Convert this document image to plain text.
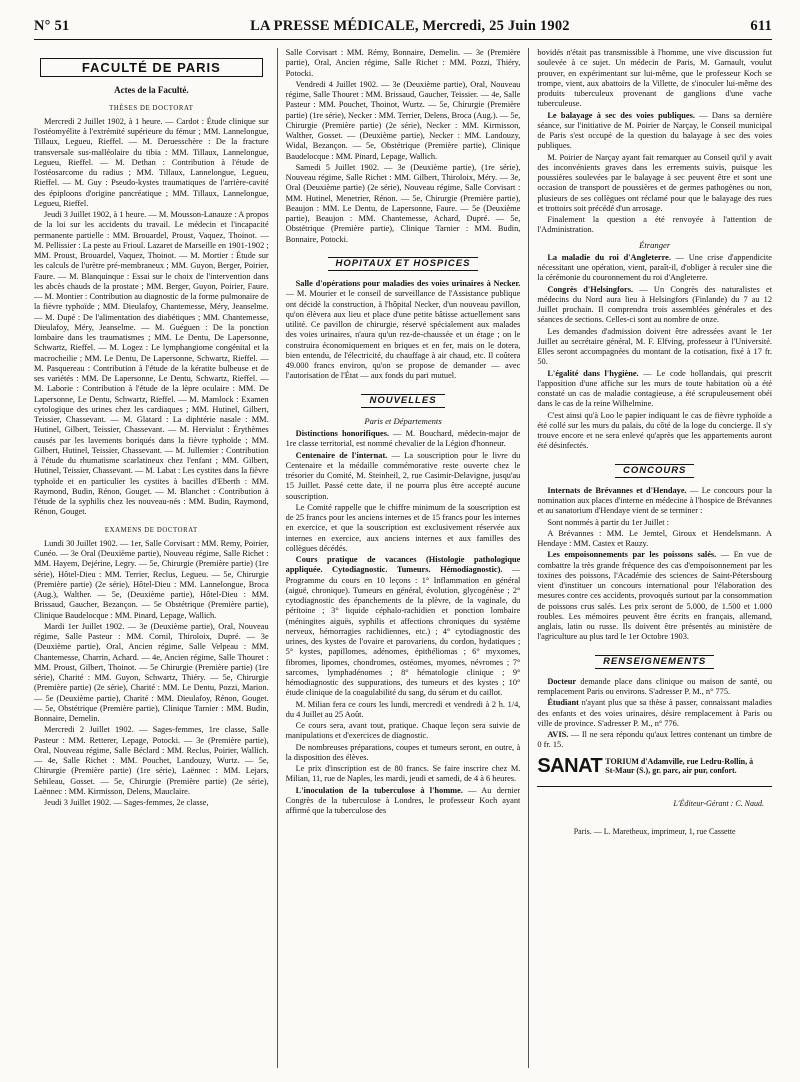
N° 51	LA PRESSE MÉDICALE, Mercredi, 25 Juin 1902	611
FACULTÉ DE PARIS
Actes de la Faculté.
THÈSES DE DOCTORAT

Mercredi 2 Juillet 1902, à 1 heure. — Cardot : Étude clinique sur l'ostéomyélite à l'extrémité supérieure du fémur ; MM. Lannelongue, Tillaux, Legueu, Rieffel. — M. Deruesschère : De la fracture transversale sus-malléolaire du tibia : MM. Tillaux, Lannelongue, Legueu, Rieffel. — M. Dethan : Contribution à l'étude de l'ostéosarcome du radius ; MM. Tillaux, Lannelongue, Legueu, Rieffel. — M. Guy : Pseudo-kystes traumatiques de l'arrière-cavité des épiploons d'origine pancréatique ; MM. Tillaux, Lannelongue, Legueu, Rieffel.

Jeudi 3 Juillet 1902, à 1 heure. — M. Mousson-Lanauze : A propos de la loi sur les accidents du travail. Le médecin et l'incapacité permanente partielle : MM. Brouardel, Proust, Vaquez, Thoinot. — M. Pellissier : La peste au Frioul. Lazaret de Marseille en 1901-1902 ; MM. Proust, Brouardel, Vaquez, Thoinot. — M. Mortier : Étude sur les calculs de l'urètre pré-membraneux ; MM. Guyon, Berger, Poirier, Faure. — M. Blanquinque : Essai sur le choix de l'intervention dans les abcès chauds de la prostate ; MM. Berger, Guyon, Poirier, Faure. — M. Montier : Contribution au diagnostic de la forme pulmonaire de la fièvre typhoïde ; MM. Dieulafoy, Chantemesse, Méry, Jeanselme. — M. Dupé : De l'alimentation des diabétiques ; MM. Chantemesse, Dieulafoy, Méry, Jeanselme. — M. Guéguen : De la ponction lombaire dans les traumatismes ; MM. Le Dentu, De Lapersonne, Schwartz, Rieffel. — M. Logez : Le lymphangiome congénital et la macrocheilie ; MM. Le Dentu, De Lapersonne, Schwartz, Rieffel. — M. Pasquereau : Contribution à l'étude de la kératite bulbeuse et de ses variétés : MM. De Lapersonne, Le Dentu, Schwartz, Rieffel. — M. Laborie : Contribution à l'étude de la lèpre oculaire : MM. De Lapersonne, Le Dentu, Schwartz, Rieffel. — M. Mamlock : Examen cytologique des urines chez les cardiaques ; MM. Hutinel, Gilbert, Teissier, Chassevant. — M. Glatard : La diphtérie nasale : MM. Hutinel, Gilbert, Teissier, Chassevant. — M. Hervialut : Érythèmes causés par les lavements boriqués dans la fièvre typhoïde ; MM. Gilbert, Hutinel, Teissier, Chassevant. — M. Jullemier : Contribution à l'étude du rhumatisme scarlatineux chez l'enfant ; MM. Gilbert, Hutinel, Teissier, Chassevant. — M. Labat : Les cystites dans la fièvre typhoïde et en particulier les cystites à bacilles d'Eberth : MM. Raymond, Budin, Rénon, Gouget. — M. Blanchet : Contribution à l'étude de la syphilis chez les nouveau-nés : MM. Budin, Raymond, Rénon, Gouget.

EXAMENS DE DOCTORAT

Lundi 30 Juillet 1902. — 1er, Salle Corvisart : MM. Remy, Poirier, Cunéo. — 3e Oral (Deuxième partie), Nouveau régime, Salle Richet : MM. Hayem, Dejérine, Legry. — 5e, Chirurgie (Première partie) (1re série), Hôtel-Dieu : MM. Terrier, Reclus, Legueu. — 5e, Chirurgie (Première partie) (2e série), Hôtel-Dieu : MM. Lannelongue, Broca (Aug.), Walther. — 5e, (Deuxième partie), Hôtel-Dieu : MM. Brissaud, Gaucher, Bezançon. — 5e Obstétrique (Première partie), Clinique Baudelocque : MM. Pinard, Lepage, Wallich.

Mardi 1er Juillet 1902. — 3e (Deuxième partie), Oral, Nouveau régime, Salle Pasteur : MM. Cornil, Thiroloix, Dupré. — 3e (Deuxième partie), Oral, Ancien régime, Salle Velpeau : MM. Chantemesse, Charrin, Achard. — 4e, Ancien régime, Salle Thouret : MM. Proust, Gilbert, Thoinot. — 5e Chirurgie (Première partie) (1re série), Charité : MM. Guyon, Schwartz, Thiéry. — 5e, Chirurgie (Première partie) (2e série), Charité : MM. Le Dentu, Pozzi, Marion. — 5e (Deuxième partie), Charité : MM. Dieulafoy, Rénon, Gouget. — 5e, Obstétrique (Première partie), Clinique Tarnier : MM. Budin, Bonnaire, Demelin.

Mercredi 2 Juillet 1902. — Sages-femmes, 1re classe, Salle Pasteur : MM. Retterer, Lepage, Potocki. — 3e (Première partie), Oral, Nouveau régime, Salle Béclard : MM. Reclus, Poirier, Wallich. — 4e, Salle Richet : MM. Pouchet, Landouzy, Wurtz. — 5e, Chirurgie (Première partie) (1re série), Laënnec : MM. Lejars, Sebileau, Gosset. — 5e, Chirurgie (Première partie) (2e série), Laënnec : MM. Kirmisson, Delens, Mauclaire.

Jeudi 3 Juillet 1902. — Sages-femmes, 2e classe,

Salle Corvisart : MM. Rémy, Bonnaire, Demelin. — 3e (Première partie), Oral, Ancien régime, Salle Richet : MM. Pozzi, Thiéry, Potocki.

Vendredi 4 Juillet 1902. — 3e (Deuxième partie), Oral, Nouveau régime, Salle Thouret : MM. Brissaud, Gaucher, Teissier. — 4e, Salle Pasteur : MM. Pouchet, Thoinot, Wurtz. — 5e, Chirurgie (Première partie) (1re série), Necker : MM. Terrier, Delens, Broca (Aug.). — 5e, Chirurgie (Première partie) (2e série), Necker : MM. Kirmisson, Walther, Gosset. — (Deuxième partie), Necker : MM. Landouzy, Widal, Bezançon. — 5e, Obstétrique (Première partie), Clinique Baudelocque : MM. Pinard, Lepage, Wallich.

Samedi 5 Juillet 1902. — 3e (Deuxième partie), (1re série), Nouveau régime, Salle Richet : MM. Gilbert, Thiroloix, Méry. — 3e, Oral (Deuxième partie) (2e série), Nouveau régime, Salle Corvisart : MM. Hutinel, Menetrier, Rénon. — 5e, Chirurgie (Première partie), Beaujon : MM. Le Dentu, de Lapersonne, Faure. — 5e (Deuxième partie), Beaujon : MM. Chantemesse, Achard, Dupré. — 5e, Obstétrique (Première partie), Clinique Tarnier : MM. Budin, Bonnaire, Potocki.

HOPITAUX ET HOSPICES

Salle d'opérations pour maladies des voies urinaires à Necker. — M. Mourier et le conseil de surveillance de l'Assistance publique ont décidé la construction, à l'hôpital Necker, d'un nouveau pavillon, qu'on élèvera aux lieu et place d'une petite bâtisse actuellement sans utilité. Ce pavillon de chirurgie, réservé spécialement aux malades des voies urinaires, n'aura qu'un rez-de-chaussée et un étage ; on le construira économiquement en briques et en fer, mais on le dotera, bien entendu, de l'électricité, du chauffage à air chaud, etc. Il coûtera 49.000 francs environ, qu'on se propose de demander — avec l'autorisation de l'État — aux fonds du pari mutuel.

NOUVELLES
Paris et Départements

Distinctions honorifiques. — M. Bouchard, médecin-major de 1re classe territorial, est nommé chevalier de la Légion d'honneur.

Centenaire de l'internat. — La souscription pour le livre du Centenaire et la médaille commémorative reste ouverte chez le trésorier du Comité, M. Steinheil, 2, rue Casimir-Delavigne, jusqu'au 15 Juillet. Passé cette date, il ne pourra plus être accepté aucune souscription.

Le Comité rappelle que le chiffre minimum de la souscription est de 25 francs pour les anciens internes et de 15 francs pour les internes en exercice, et que la souscription est exclusivement réservée aux internes en exercice, aux anciens internes et aux familles des collègues décédés.

Cours pratique de vacances (Histologie pathologique appliquée. Cytodiagnostic. Tumeurs. Hémodiagnostic). — Programme du cours en 10 leçons : 1° Inflammation en général (aiguë, chronique). Tumeurs en général, évolution, glycogénèse ; 2° cytodiagnostic des épanchements de la plèvre, de la vaginale, du péritoine ; 3° liquide céphalo-rachidien et ponction lombaire (méningites aiguës, syphilis et affections chroniques du système nerveux, hémorragies rachidiennes, etc.) ; 4° cytodiagnostic des urines, des kystes de l'ovaire et parovariens, du cordon, hydatiques ; 5° kystes, papillomes, adénomes, épithéliomas ; 6° myxomes, fibromes, lipomes, chondromes, ostéomes, myomes, névromes ; 7° sarcomes, lymphadénomes ; 8° hématologie clinique ; 9° hémodiagnostic des suppurations, des tumeurs et des kystes ; 10° étude clinique de la coagulabilité du sang, du sérum et du caillot.

M. Milian fera ce cours les lundi, mercredi et vendredi à 2 h. 1/4, du 4 Juillet au 25 Août.

Ce cours sera, avant tout, pratique. Chaque leçon sera suivie de manipulations et d'exercices de diagnostic.

De nombreuses préparations, coupes et tumeurs seront, en outre, à la disposition des élèves.

Le prix d'inscription est de 80 francs. Se faire inscrire chez M. Milian, 11, rue de Naples, les mardi, jeudi et samedi, de 4 à 6 heures.

L'inoculation de la tuberculose à l'homme. — Au dernier Congrès de la tuberculose à Londres, le professeur Koch ayant affirmé que la tuberculose des

bovidés n'était pas transmissible à l'homme, une vive discussion fut soulevée à ce sujet. Un médecin de Paris, M. Garnault, voulut prouver, en expérimentant sur lui-même, que le professeur Koch se trompe, vient, aux abattoirs de la Villette, de s'inoculer lui-même des produits tuberculeux provenant de ganglions d'une vache tuberculeuse.

Le balayage à sec des voies publiques. — Dans sa dernière séance, sur l'initiative de M. Poirier de Narçay, le Conseil municipal de Paris s'est occupé de la question du balayage à sec des voies publiques.

M. Poirier de Narçay ayant fait remarquer au Conseil qu'il y avait des inconvénients graves dans les errements suivis, puisque les poussières soulevées par le balayage à sec peuvent être et sont une occasion de transport de poussières et de germes pathogènes ou non, plusieurs de ses collègues ont réclamé pour que le balayage des rues et trottoirs soit précédé d'un arrosage.

Finalement la question a été renvoyée à l'attention de l'Administration.

Étranger

La maladie du roi d'Angleterre. — Une crise d'appendicite nécessitant une opération, vient, paraît-il, d'obliger à reculer sine die la cérémonie du couronnement du roi d'Angleterre.

Congrès d'Helsingfors. — Un Congrès des naturalistes et médecins du Nord aura lieu à Helsingfors (Finlande) du 7 au 12 Juillet prochain. Il comprendra trois assemblées générales et des séances de sections. Celles-ci sont au nombre de onze.

Les demandes d'admission doivent être adressées avant le 1er Juillet au secrétaire général, M. F. Elfving, professeur à l'Université. Elles seront accompagnées du montant de la cotisation, fixé à 17 fr. 50.

L'égalité dans l'hygiène. — Le code hollandais, qui prescrit l'apposition d'une affiche sur les murs de toute habitation où a été constaté un cas de maladie contagieuse, a été scrupuleusement obéi dans le cas de la reine Wilhelmine.

C'est ainsi qu'à Loo le papier indiquant le cas de fièvre typhoïde a été collé sur les murs du palais, du côté de la loge du concierge. Il s'y trouve encore et ne sera enlevé qu'après que les appartements auront été désinfectés.

CONCOURS

Internats de Brévannes et d'Hendaye. — Le concours pour la nomination aux places d'interne en médecine à l'hospice de Brévannes et au sanatorium d'Hendaye vient de se terminer :

Sont nommés à partir du 1er Juillet :

A Brévannes : MM. Le Jemtel, Giroux et Hendelsmann. A Hendaye : MM. Castex et Rauzy.

Les empoisonnements par les poissons salés. — En vue de combattre la très grande fréquence des cas d'empoisonnement par les toxines des poissons, l'Académie des sciences de Saint-Pétersbourg vient d'instituer un concours international pour l'élaboration des mesures contre ces accidents, provoqués surtout par la consommation de poissons crus salés. Les prix seront de 5.000, de 1.500 et 1.000 roubles. Les mémoires peuvent être écrits en français, allemand, anglais, latin ou russe. Ils doivent être présentés au ministère de l'agriculture au plus tard le 1er Octobre 1903.

RENSEIGNEMENTS

Docteur demande place dans clinique ou maison de santé, ou remplacement Paris ou environs. S'adresser P. M., n° 775.

Étudiant n'ayant plus que sa thèse à passer, connaissant maladies des enfants et des voies urinaires, désire remplacement à Paris ou ville de province. S'adresser P. M., n° 776.

AVIS. — Il ne sera répondu qu'aux lettres contenant un timbre de 0 fr. 15.

SANAT TORIUM d'Adamville, rue Ledru-Rollin, à
St-Maur (S.), gr. parc, air pur, confort.
L'Éditeur-Gérant : C. Naud.
Paris. — L. Maretheux, imprimeur, 1, rue Cassette
